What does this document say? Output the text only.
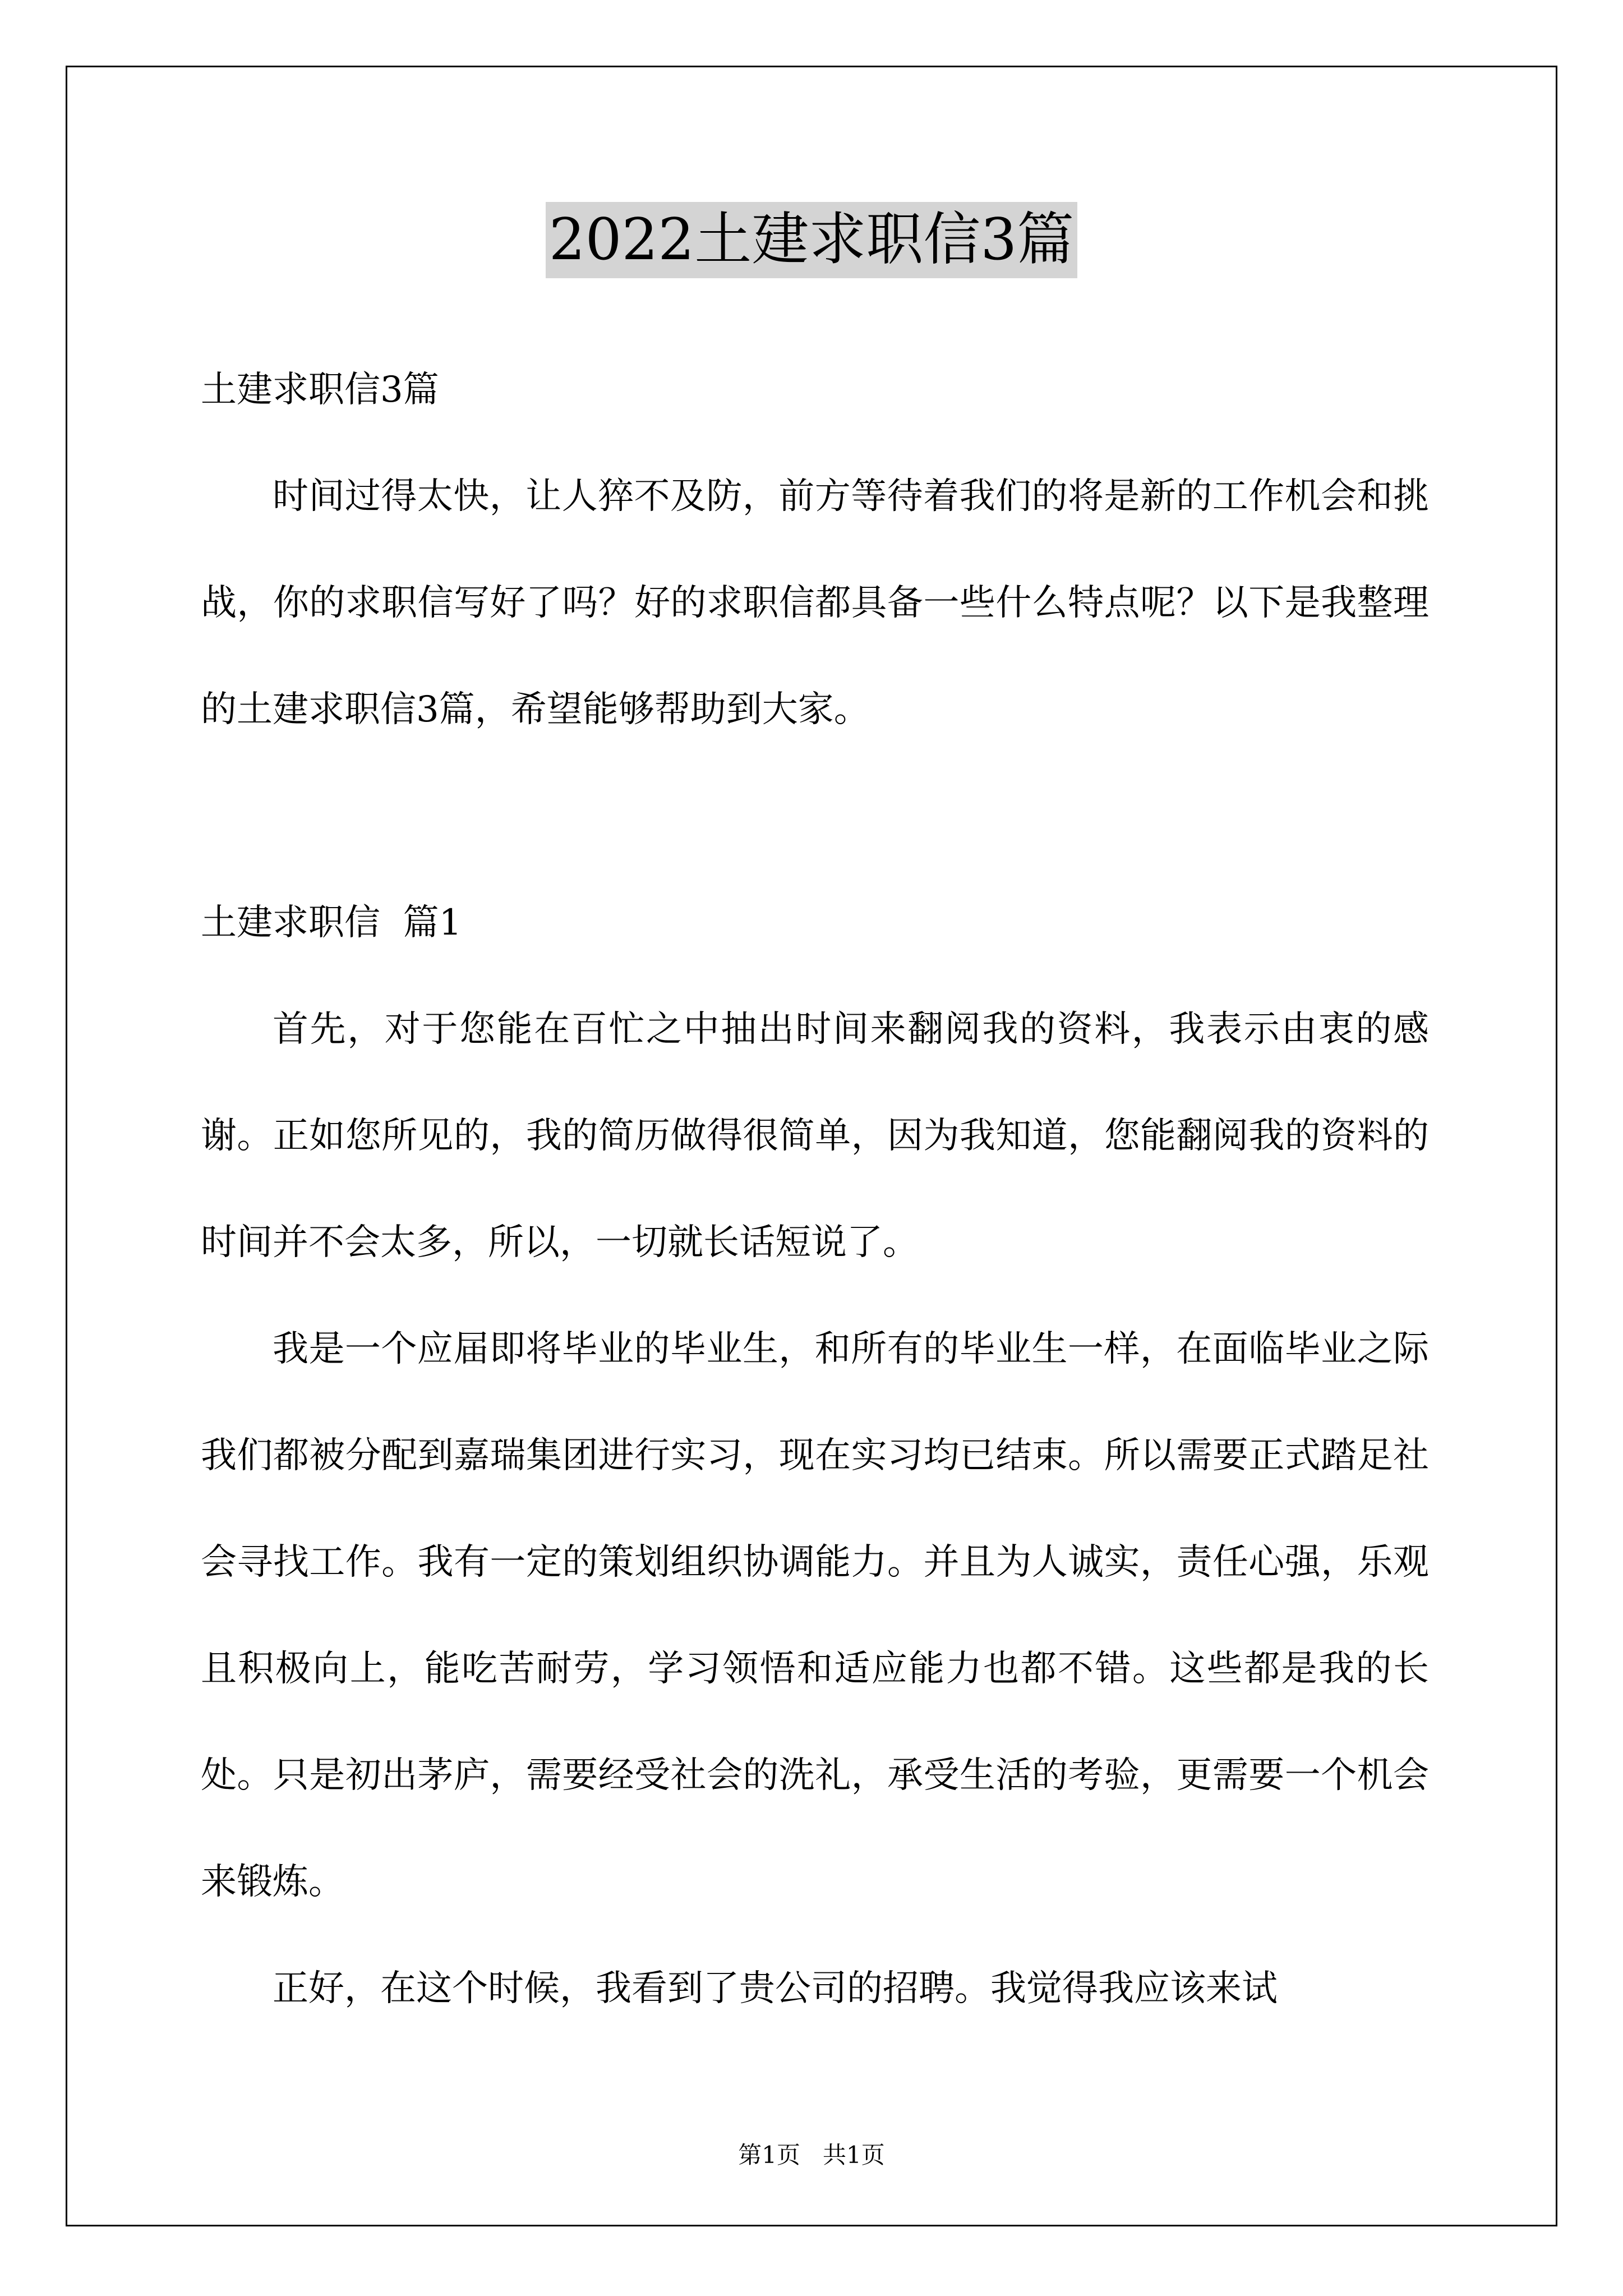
2022土建求职信3篇

土建求职信3篇

时间过得太快，让人猝不及防，前方等待着我们的将是新的工作机会和挑战，你的求职信写好了吗？好的求职信都具备一些什么特点呢？以下是我整理的土建求职信3篇，希望能够帮助到大家。

土建求职信  篇1

首先，对于您能在百忙之中抽出时间来翻阅我的资料，我表示由衷的感谢。正如您所见的，我的简历做得很简单，因为我知道，您能翻阅我的资料的时间并不会太多，所以，一切就长话短说了。

我是一个应届即将毕业的毕业生，和所有的毕业生一样，在面临毕业之际我们都被分配到嘉瑞集团进行实习，现在实习均已结束。所以需要正式踏足社会寻找工作。我有一定的策划组织协调能力。并且为人诚实，责任心强，乐观且积极向上，能吃苦耐劳，学习领悟和适应能力也都不错。这些都是我的长处。只是初出茅庐，需要经受社会的洗礼，承受生活的考验，更需要一个机会来锻炼。

正好，在这个时候，我看到了贵公司的招聘。我觉得我应该来试

第1页 共1页
